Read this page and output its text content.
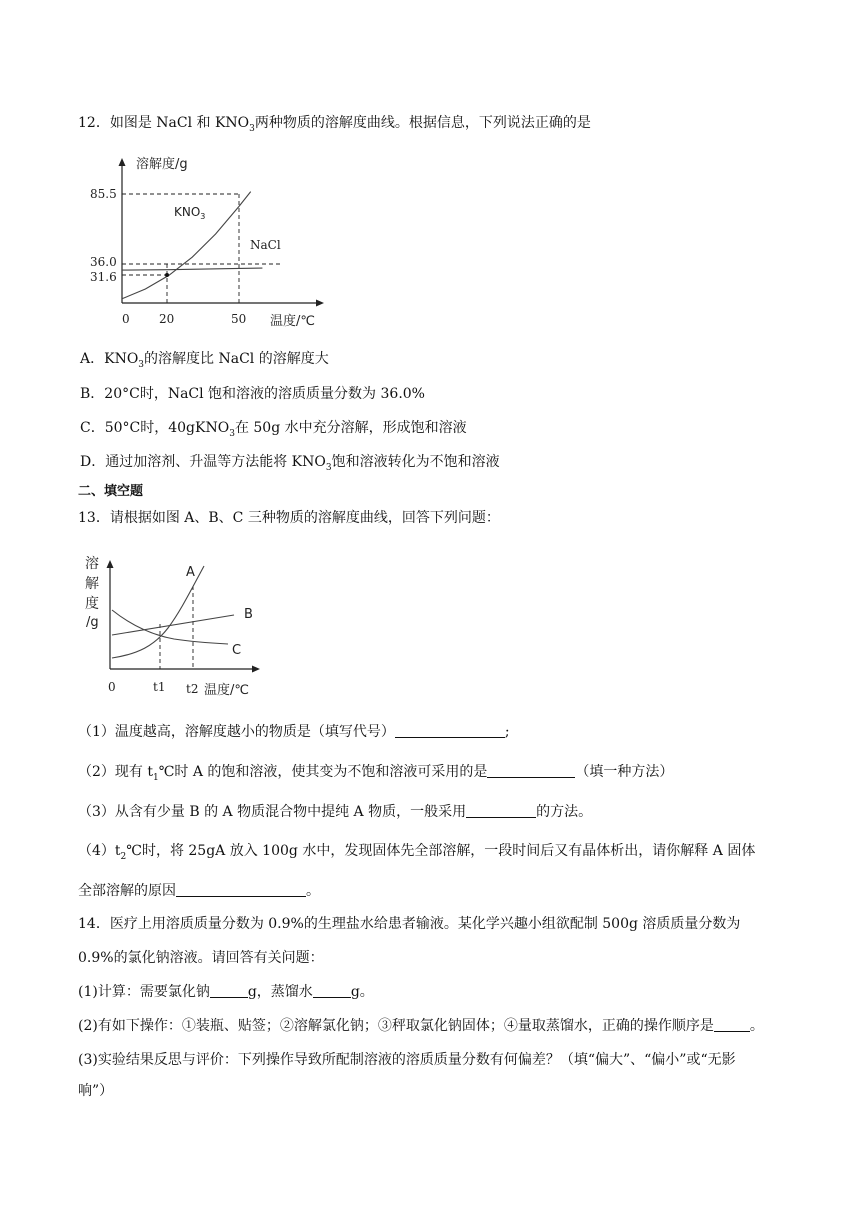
12．如图是 NaCl 和 $KNO_3$两种物质的溶解度曲线。根据信息，下列说法正确的是
溶解度/g
85.5
36.0
31.6
0 20	50 温度/℃
$KNO_3$
NaCl
A．$KNO_3$的溶解度比 NaCl 的溶解度大
B．20°C时，NaCl 饱和溶液的溶质质量分数为 36.0%
C．50°C时，40gKNO$_3$在 50g 水中充分溶解，形成饱和溶液
D．通过加溶剂、升温等方法能将 $KNO_3$饱和溶液转化为不饱和溶液
二、填空题
13．请根据如图 A、B、C 三种物质的溶解度曲线，回答下列问题：
溶
解
度
/g
A
B
C
0	t1 t2 温度/℃
（1）温度越高，溶解度越小的物质是（填写代号）	;
（2）现有 $t_1℃$时 A 的饱和溶液，使其变为不饱和溶液可采用的是	（填一种方法）
（3）从含有少量 B 的 A 物质混合物中提纯 A 物质，一般采用	的方法。
$(4)t_2℃$时，将 25gA 放入 100g 水中，发现固体先全部溶解，一段时间后又有晶体析出，请你解释 A 固体
全部溶解的原因	。
14．医疗上用溶质质量分数为 0.9%的生理盐水给患者输液。某化学兴趣小组欲配制 500g 溶质质量分数为
0.9%的氯化钠溶液。请回答有关问题：
(1)计算：需要氯化钠	g，蒸馏水	g。
(2)有如下操作：①装瓶、贴签；②溶解氯化钠；③秤取氯化钠固体；④量取蒸馏水，正确的操作顺序是	。
(3)实验结果反思与评价：下列操作导致所配制溶液的溶质质量分数有何偏差？（填“偏大”、“偏小”或“无影
响”）
